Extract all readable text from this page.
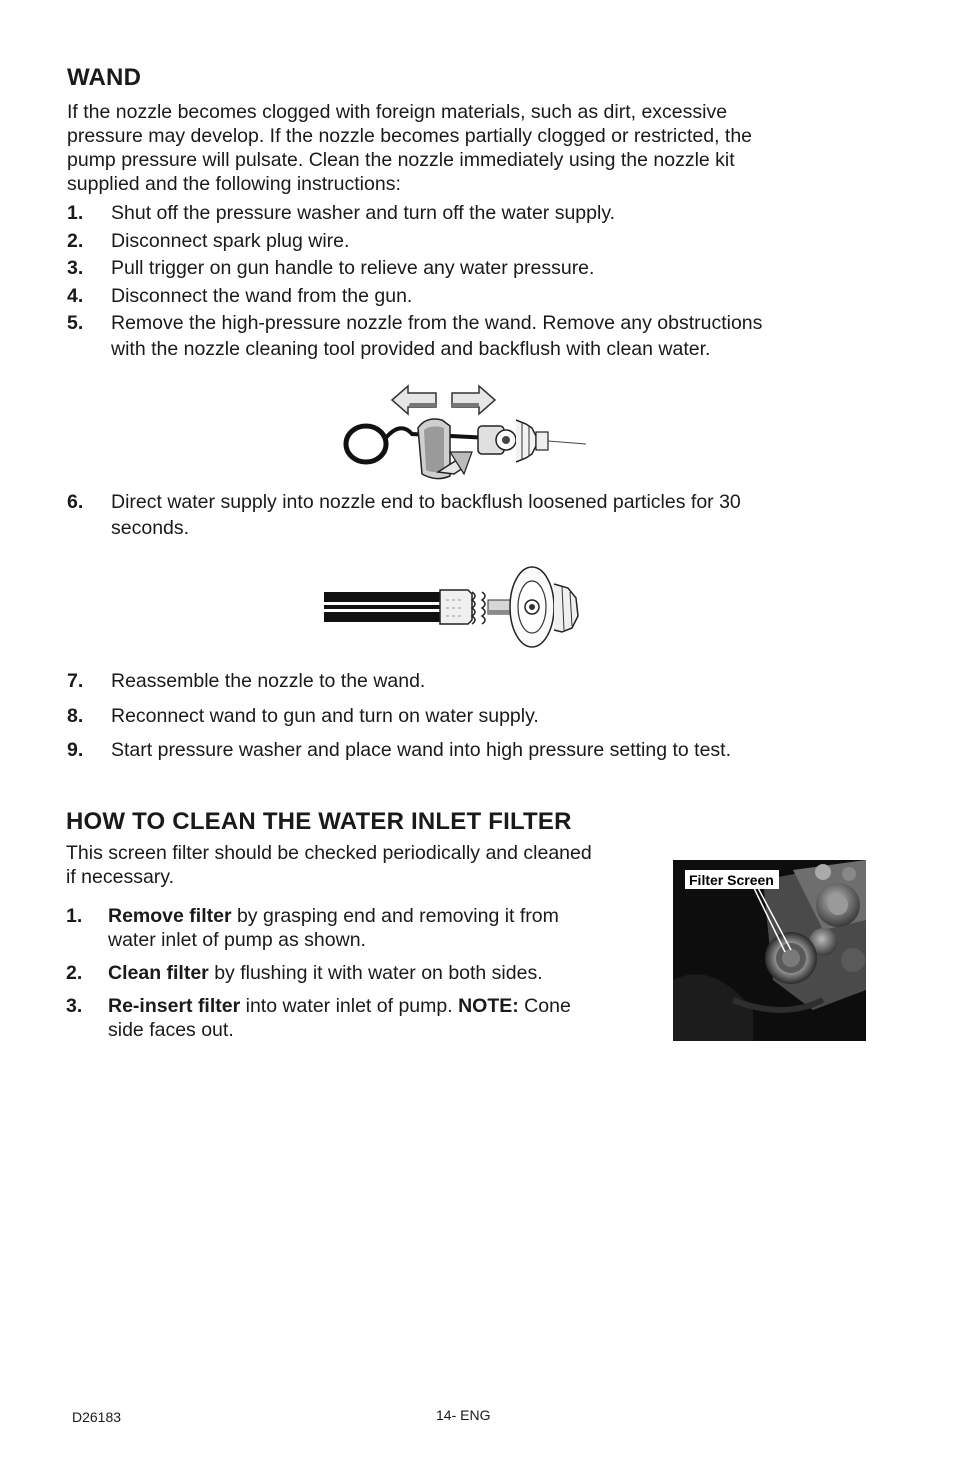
WAND
If the nozzle becomes clogged with foreign materials, such as dirt, excessive
pressure may develop. If the nozzle becomes partially clogged or restricted, the
pump pressure will pulsate. Clean the nozzle immediately using the nozzle kit
supplied and the following instructions:
1. Shut off the pressure washer and turn off the water supply.
2. Disconnect spark plug wire.
3. Pull trigger on gun handle to relieve any water pressure.
4. Disconnect the wand from the gun.
5. Remove the high-pressure nozzle from the wand. Remove any obstructions
with the nozzle cleaning tool provided and backflush with clean water.
6. Direct water supply into nozzle end to backflush loosened particles for 30
seconds.
7. Reassemble the nozzle to the wand.
8. Reconnect wand to gun and turn on water supply.
9. Start pressure washer and place wand into high pressure setting to test.
HOW TO CLEAN THE WATER INLET FILTER
This screen filter should be checked periodically and cleaned
if necessary.
1. Remove filter by grasping end and removing it from
water inlet of pump as shown.
2. Clean filter by flushing it with water on both sides.
3. Re-insert filter into water inlet of pump. NOTE: Cone
side faces out.
Filter Screen
D26183	14- ENG
